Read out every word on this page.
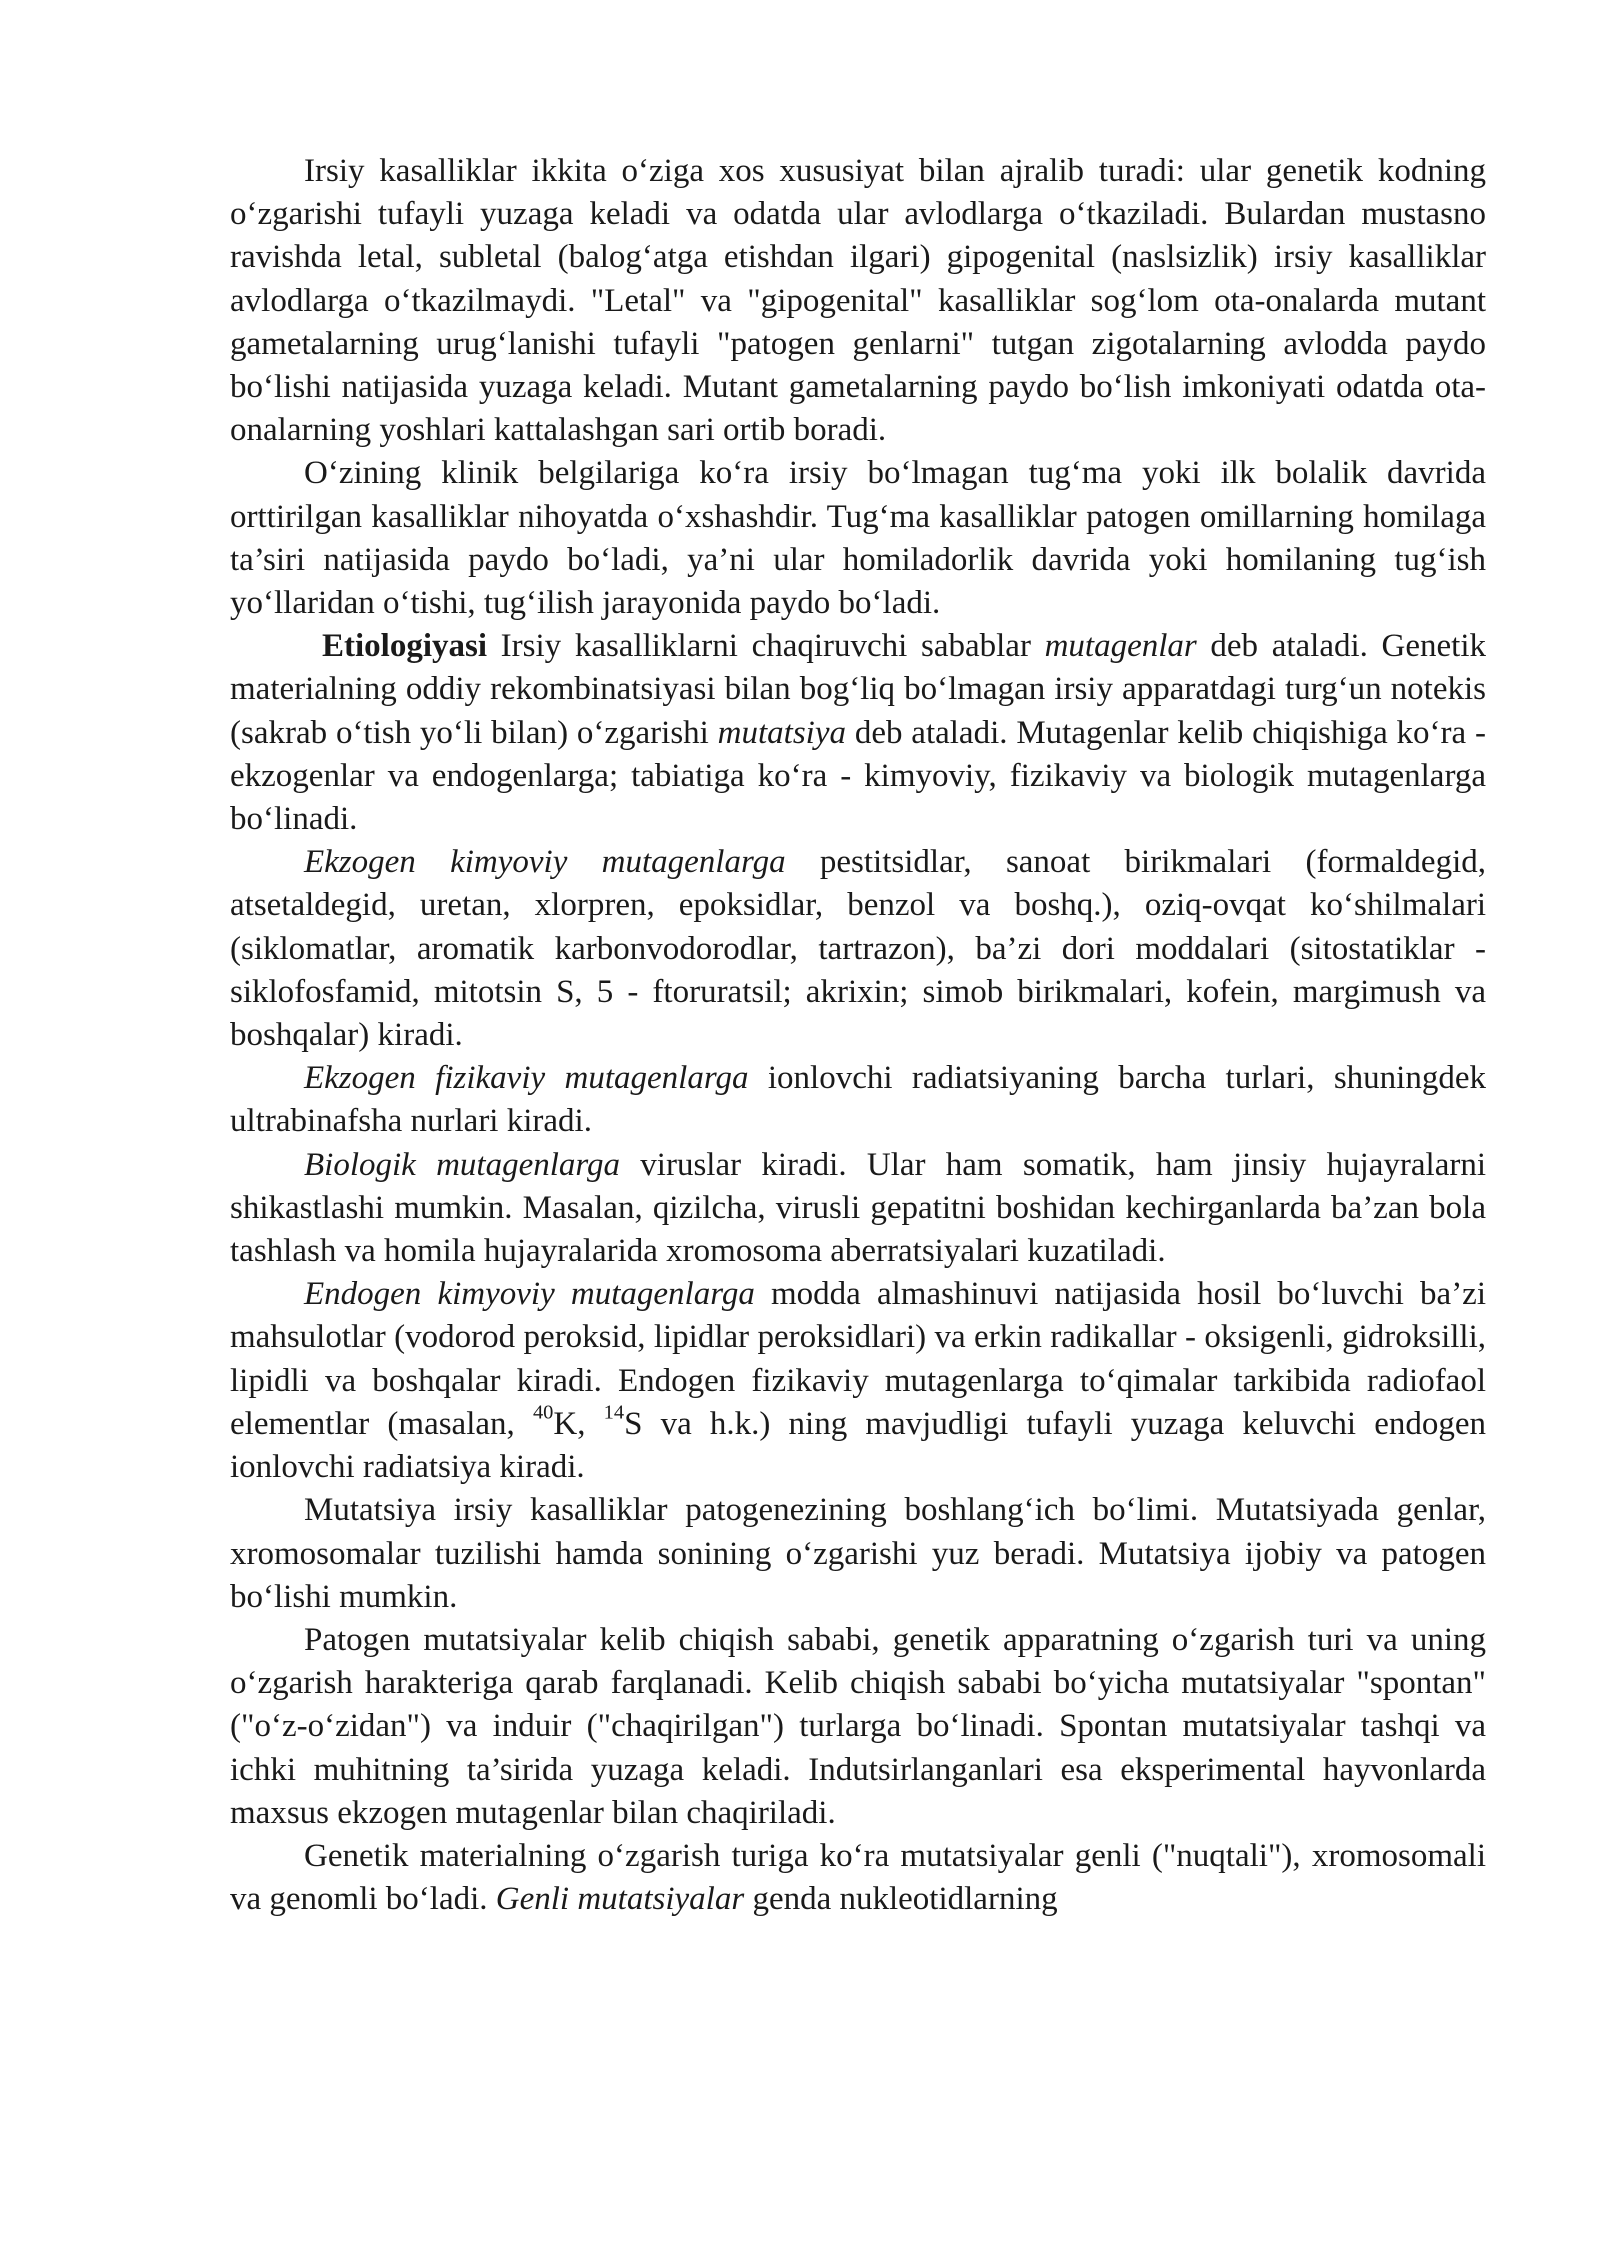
Irsiy kasalliklar ikkita o‘ziga xos xususiyat bilan ajralib turadi: ular genetik kodning o‘zgarishi tufayli yuzaga keladi va odatda ular avlodlarga o‘tkaziladi. Bulardan mustasno ravishda letal, subletal (balog‘atga etishdan ilgari) gipogenital (naslsizlik) irsiy kasalliklar avlodlarga o‘tkazilmaydi. "Letal" va "gipogenital" kasalliklar sog‘lom ota-onalarda mutant gametalarning urug‘lanishi tufayli "patogen genlarni" tutgan zigotalarning avlodda paydo bo‘lishi natijasida yuzaga keladi. Mutant gametalarning paydo bo‘lish imkoniyati odatda ota-onalarning yoshlari kattalashgan sari ortib boradi.

O‘zining klinik belgilariga ko‘ra irsiy bo‘lmagan tug‘ma yoki ilk bolalik davrida orttirilgan kasalliklar nihoyatda o‘xshashdir. Tug‘ma kasalliklar patogen omillarning homilaga ta’siri natijasida paydo bo‘ladi, ya’ni ular homiladorlik davrida yoki homilaning tug‘ish yo‘llaridan o‘tishi, tug‘ilish jarayonida paydo bo‘ladi.

Etiologiyasi Irsiy kasalliklarni chaqiruvchi sabablar mutagenlar deb ataladi. Genetik materialning oddiy rekombinatsiyasi bilan bog‘liq bo‘lmagan irsiy apparatdagi turg‘un notekis (sakrab o‘tish yo‘li bilan) o‘zgarishi mutatsiya deb ataladi. Mutagenlar kelib chiqishiga ko‘ra - ekzogenlar va endogenlarga; tabiatiga ko‘ra - kimyoviy, fizikaviy va biologik mutagenlarga bo‘linadi.

Ekzogen kimyoviy mutagenlarga pestitsidlar, sanoat birikmalari (formaldegid, atsetaldegid, uretan, xlorpren, epoksidlar, benzol va boshq.), oziq-ovqat ko‘shilmalari (siklomatlar, aromatik karbonvodorodlar, tartrazon), ba’zi dori moddalari (sitostatiklar - siklofosfamid, mitotsin S, 5 - ftoruratsil; akrixin; simob birikmalari, kofein, margimush va boshqalar) kiradi.

Ekzogen fizikaviy mutagenlarga ionlovchi radiatsiyaning barcha turlari, shuningdek ultrabinafsha nurlari kiradi.

Biologik mutagenlarga viruslar kiradi. Ular ham somatik, ham jinsiy hujayralarni shikastlashi mumkin. Masalan, qizilcha, virusli gepatitni boshidan kechirganlarda ba’zan bola tashlash va homila hujayralarida xromosoma aberratsiyalari kuzatiladi.

Endogen kimyoviy mutagenlarga modda almashinuvi natijasida hosil bo‘luvchi ba’zi mahsulotlar (vodorod peroksid, lipidlar peroksidlari) va erkin radikallar - oksigenli, gidroksilli, lipidli va boshqalar kiradi. Endogen fizikaviy mutagenlarga to‘qimalar tarkibida radiofaol elementlar (masalan, $^{40}$K, $^{14}$S va h.k.) ning mavjudligi tufayli yuzaga keluvchi endogen ionlovchi radiatsiya kiradi.

Mutatsiya irsiy kasalliklar patogenezining boshlang‘ich bo‘limi. Mutatsiyada genlar, xromosomalar tuzilishi hamda sonining o‘zgarishi yuz beradi. Mutatsiya ijobiy va patogen bo‘lishi mumkin.

Patogen mutatsiyalar kelib chiqish sababi, genetik apparatning o‘zgarish turi va uning o‘zgarish harakteriga qarab farqlanadi. Kelib chiqish sababi bo‘yicha mutatsiyalar "spontan" ("o‘z-o‘zidan") va induir ("chaqirilgan") turlarga bo‘linadi. Spontan mutatsiyalar tashqi va ichki muhitning ta’sirida yuzaga keladi. Indutsirlanganlari esa eksperimental hayvonlarda maxsus ekzogen mutagenlar bilan chaqiriladi.

Genetik materialning o‘zgarish turiga ko‘ra mutatsiyalar genli ("nuqtali"), xromosomali va genomli bo‘ladi. Genli mutatsiyalar genda nukleotidlarning
